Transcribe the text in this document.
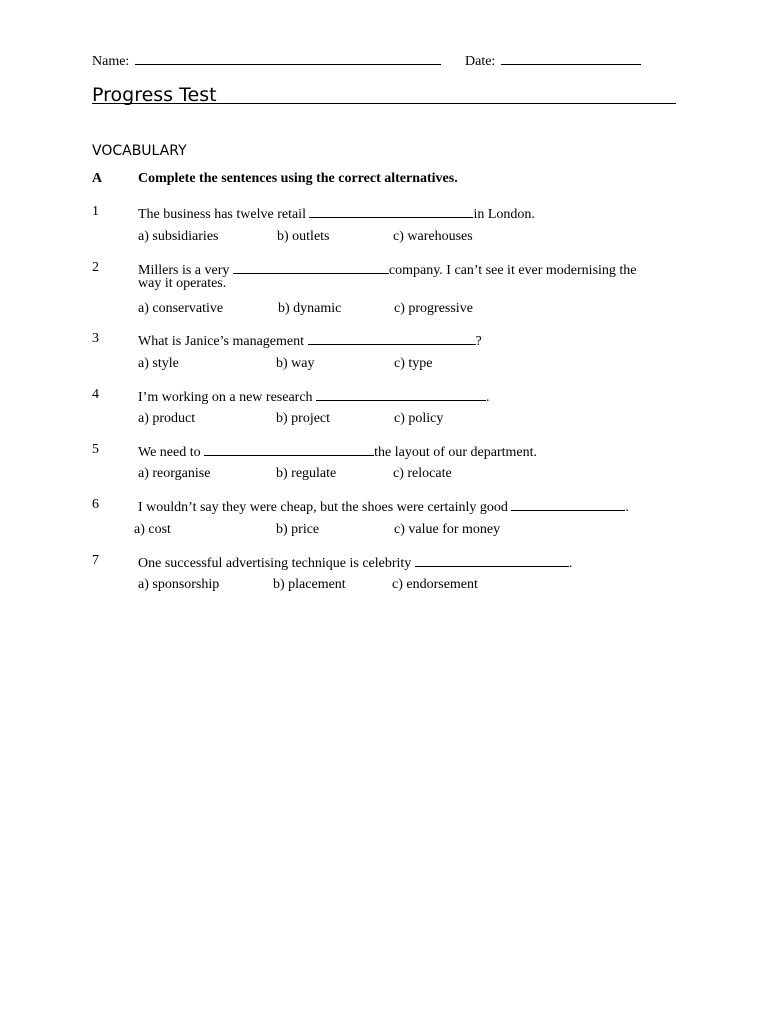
Name:	Date:
Progress Test
VOCABULARY
A	Complete the sentences using the correct alternatives.
1	The business has twelve retail	in London.
a) subsidiaries	b) outlets	c) warehouses
2	Millers is a very	company. I can’t see it ever modernising the
way it operates.
a) conservative	b) dynamic	c) progressive
3	What is Janice’s management	?
a) style	b) way	c) type
4	I’m working on a new research	.
a) product	b) project	c) policy
5	We need to	the layout of our department.
a) reorganise	b) regulate	c) relocate
6	I wouldn’t say they were cheap, but the shoes were certainly good	.
a) cost	b) price	c) value for money
7	One successful advertising technique is celebrity	.
a) sponsorship	b) placement	c) endorsement
